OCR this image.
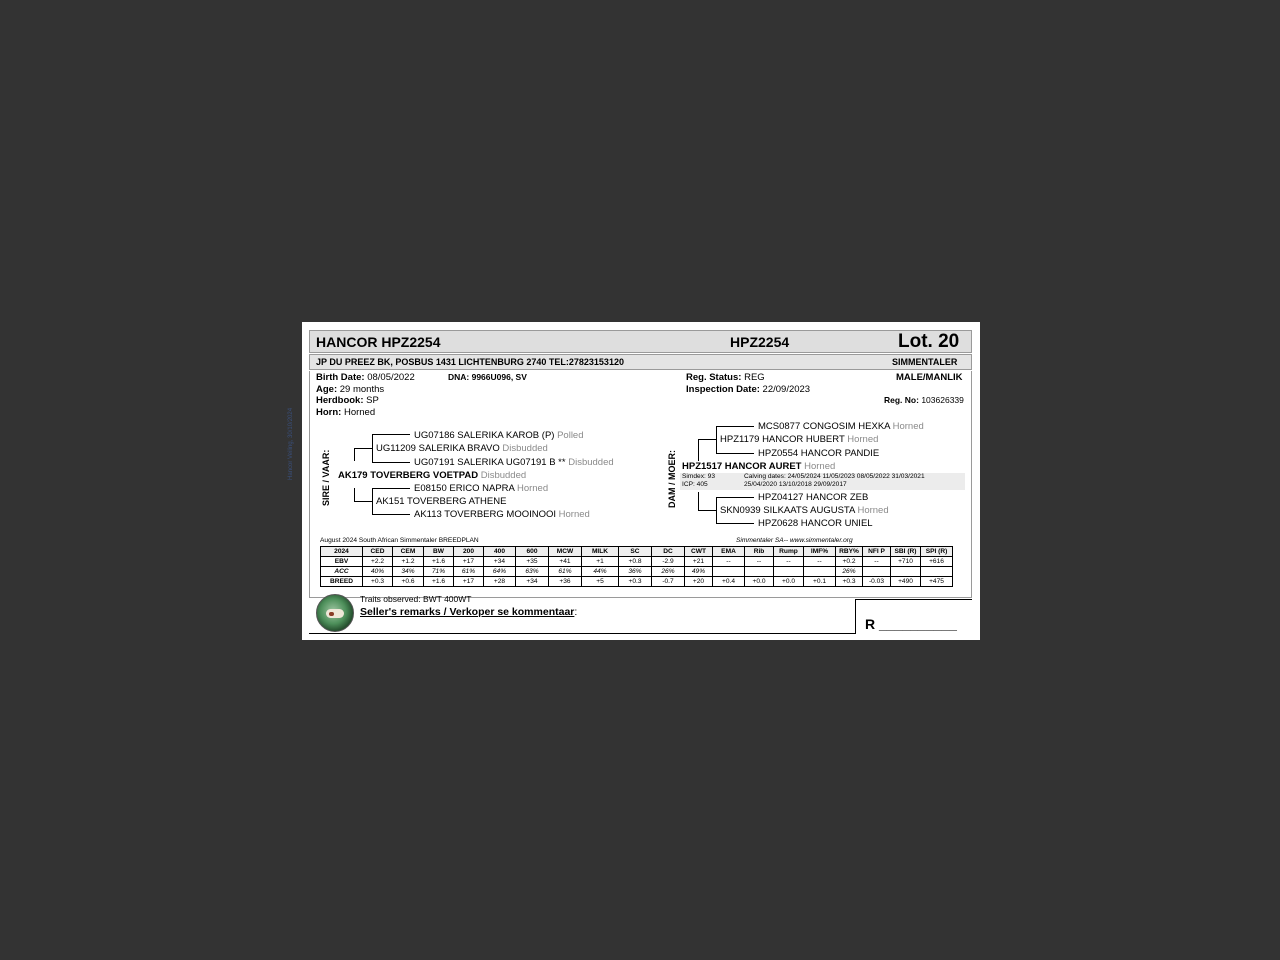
Hancor Veiling, 30/10/2024
HANCOR HPZ2254	HPZ2254	Lot. 20
JP DU PREEZ BK, POSBUS 1431 LICHTENBURG 2740 TEL:27823153120	SIMMENTALER
Birth Date: 08/05/2022	DNA: 9966U096, SV
Age: 29 months
Herdbook: SP
Horn: Horned
Reg. Status: REG
Inspection Date: 22/09/2023
MALE/MANLIK
Reg. No: 103626339
SIRE / VAAR:
UG07186 SALERIKA KAROB (P) Polled
UG11209 SALERIKA BRAVO Disbudded
UG07191 SALERIKA UG07191 B ** Disbudded
AK179 TOVERBERG VOETPAD Disbudded
E08150 ERICO NAPRA Horned
AK151 TOVERBERG ATHENE
AK113 TOVERBERG MOOINOOI Horned
DAM / MOER:
MCS0877 CONGOSIM HEXKA Horned
HPZ1179 HANCOR HUBERT Horned
HPZ0554 HANCOR PANDIE
HPZ1517 HANCOR AURET Horned
Simdex: 93
ICP: 405
Calving dates: 24/05/2024 11/05/2023 08/05/2022 31/03/2021
25/04/2020 13/10/2018 29/09/2017
HPZ04127 HANCOR ZEB
SKN0939 SILKAATS AUGUSTA Horned
HPZ0628 HANCOR UNIEL
August 2024 South African Simmentaler BREEDPLAN	Simmentaler SA-- www.simmentaler.org
2024	CED	CEM	BW	200	400	600	MCW	MILK	SC	DC	CWT	EMA	Rib	Rump	IMF%	RBY%	NFI P	SBI (R)	SPI (R)
EBV	+2.2	+1.2	+1.6	+17	+34	+35	+41	+1	+0.8	-2.9	+21	--	--	--	--	+0.2	--	+710	+616
ACC	40%	34%	71%	61%	64%	63%	61%	44%	36%	26%	49%					26%			
BREED	+0.3	+0.6	+1.6	+17	+28	+34	+36	+5	+0.3	-0.7	+20	+0.4	+0.0	+0.0	+0.1	+0.3	-0.03	+490	+475
Traits observed: BWT 400WT
Seller's remarks / Verkoper se kommentaar:
R __________
